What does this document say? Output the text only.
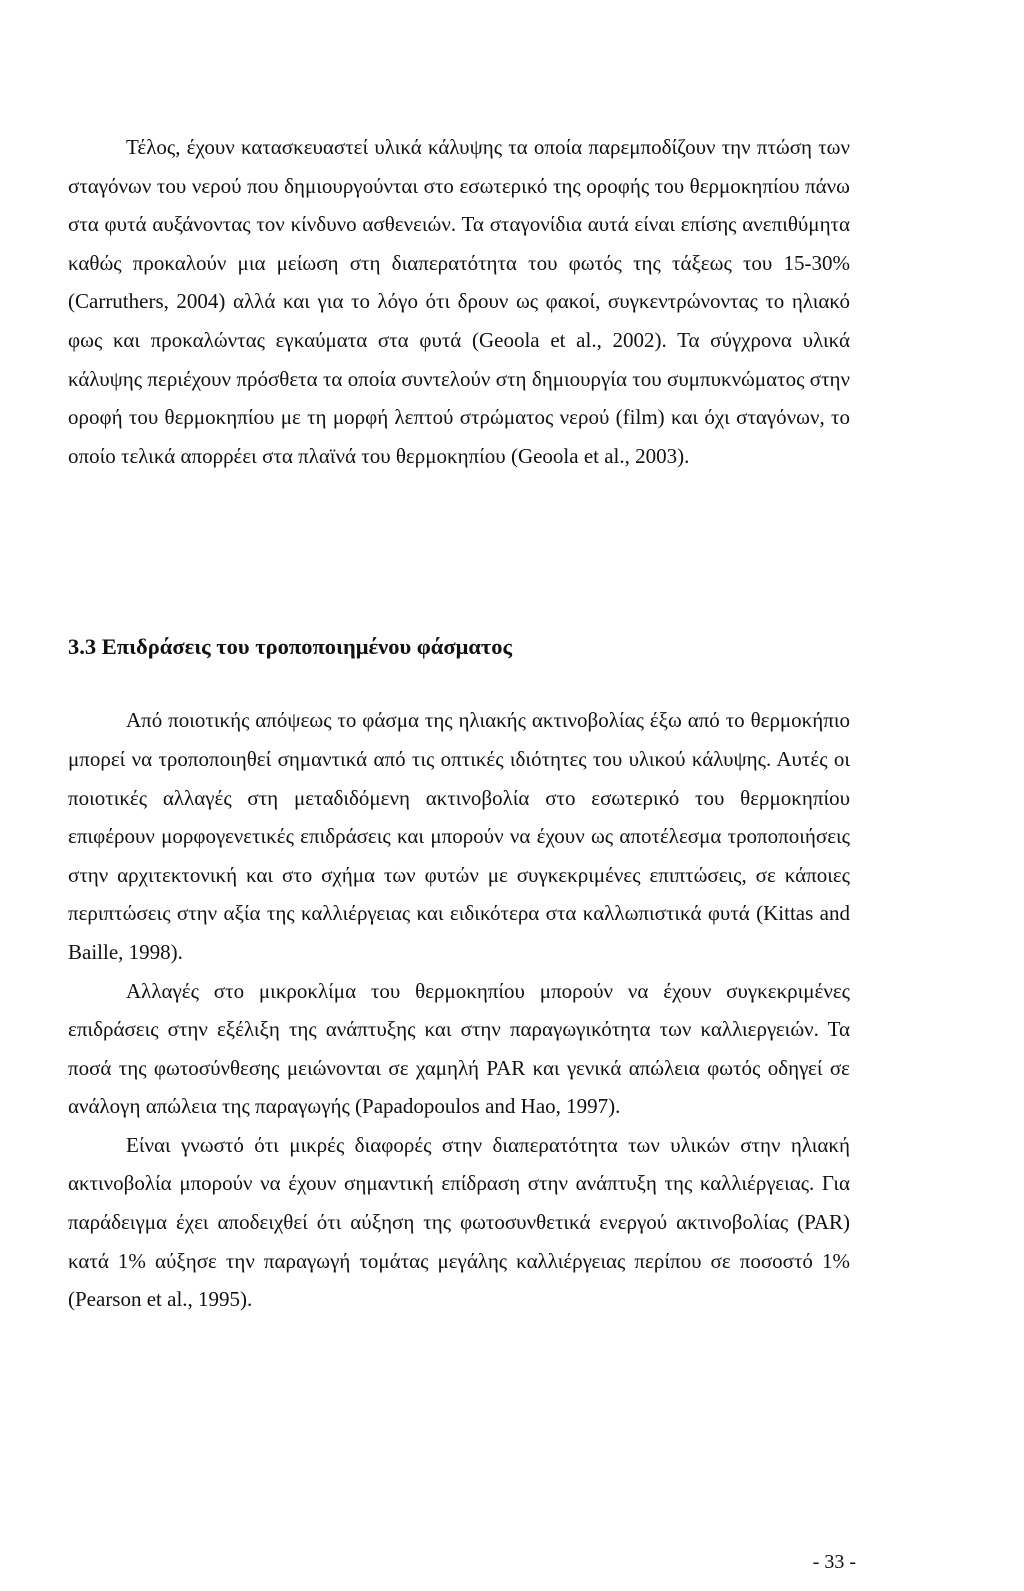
Τέλος, έχουν κατασκευαστεί υλικά κάλυψης τα οποία παρεμποδίζουν την πτώση των σταγόνων του νερού που δημιουργούνται στο εσωτερικό της οροφής του θερμοκηπίου πάνω στα φυτά αυξάνοντας τον κίνδυνο ασθενειών. Τα σταγονίδια αυτά είναι επίσης ανεπιθύμητα καθώς προκαλούν μια μείωση στη διαπερατότητα του φωτός της τάξεως του 15-30% (Carruthers, 2004) αλλά και για το λόγο ότι δρουν ως φακοί, συγκεντρώνοντας το ηλιακό φως και προκαλώντας εγκαύματα στα φυτά (Geoola et al., 2002). Τα σύγχρονα υλικά κάλυψης περιέχουν πρόσθετα τα οποία συντελούν στη δημιουργία του συμπυκνώματος στην οροφή του θερμοκηπίου με τη μορφή λεπτού στρώματος νερού (film) και όχι σταγόνων, το οποίο τελικά απορρέει στα πλαϊνά του θερμοκηπίου (Geoola et al., 2003).

3.3 Επιδράσεις του τροποποιημένου φάσματος

Από ποιοτικής απόψεως το φάσμα της ηλιακής ακτινοβολίας έξω από το θερμοκήπιο μπορεί να τροποποιηθεί σημαντικά από τις οπτικές ιδιότητες του υλικού κάλυψης. Αυτές οι ποιοτικές αλλαγές στη μεταδιδόμενη ακτινοβολία στο εσωτερικό του θερμοκηπίου επιφέρουν μορφογενετικές επιδράσεις και μπορούν να έχουν ως αποτέλεσμα τροποποιήσεις στην αρχιτεκτονική και στο σχήμα των φυτών με συγκεκριμένες επιπτώσεις, σε κάποιες περιπτώσεις στην αξία της καλλιέργειας και ειδικότερα στα καλλωπιστικά φυτά (Kittas and Baille, 1998).

Αλλαγές στο μικροκλίμα του θερμοκηπίου μπορούν να έχουν συγκεκριμένες επιδράσεις στην εξέλιξη της ανάπτυξης και στην παραγωγικότητα των καλλιεργειών. Τα ποσά της φωτοσύνθεσης μειώνονται σε χαμηλή PAR και γενικά απώλεια φωτός οδηγεί σε ανάλογη απώλεια της παραγωγής (Papadopoulos and Hao, 1997).

Είναι γνωστό ότι μικρές διαφορές στην διαπερατότητα των υλικών στην ηλιακή ακτινοβολία μπορούν να έχουν σημαντική επίδραση στην ανάπτυξη της καλλιέργειας. Για παράδειγμα έχει αποδειχθεί ότι αύξηση της φωτοσυνθετικά ενεργού ακτινοβολίας (PAR) κατά 1% αύξησε την παραγωγή τομάτας μεγάλης καλλιέργειας περίπου σε ποσοστό 1% (Pearson et al., 1995).

- 33 -
